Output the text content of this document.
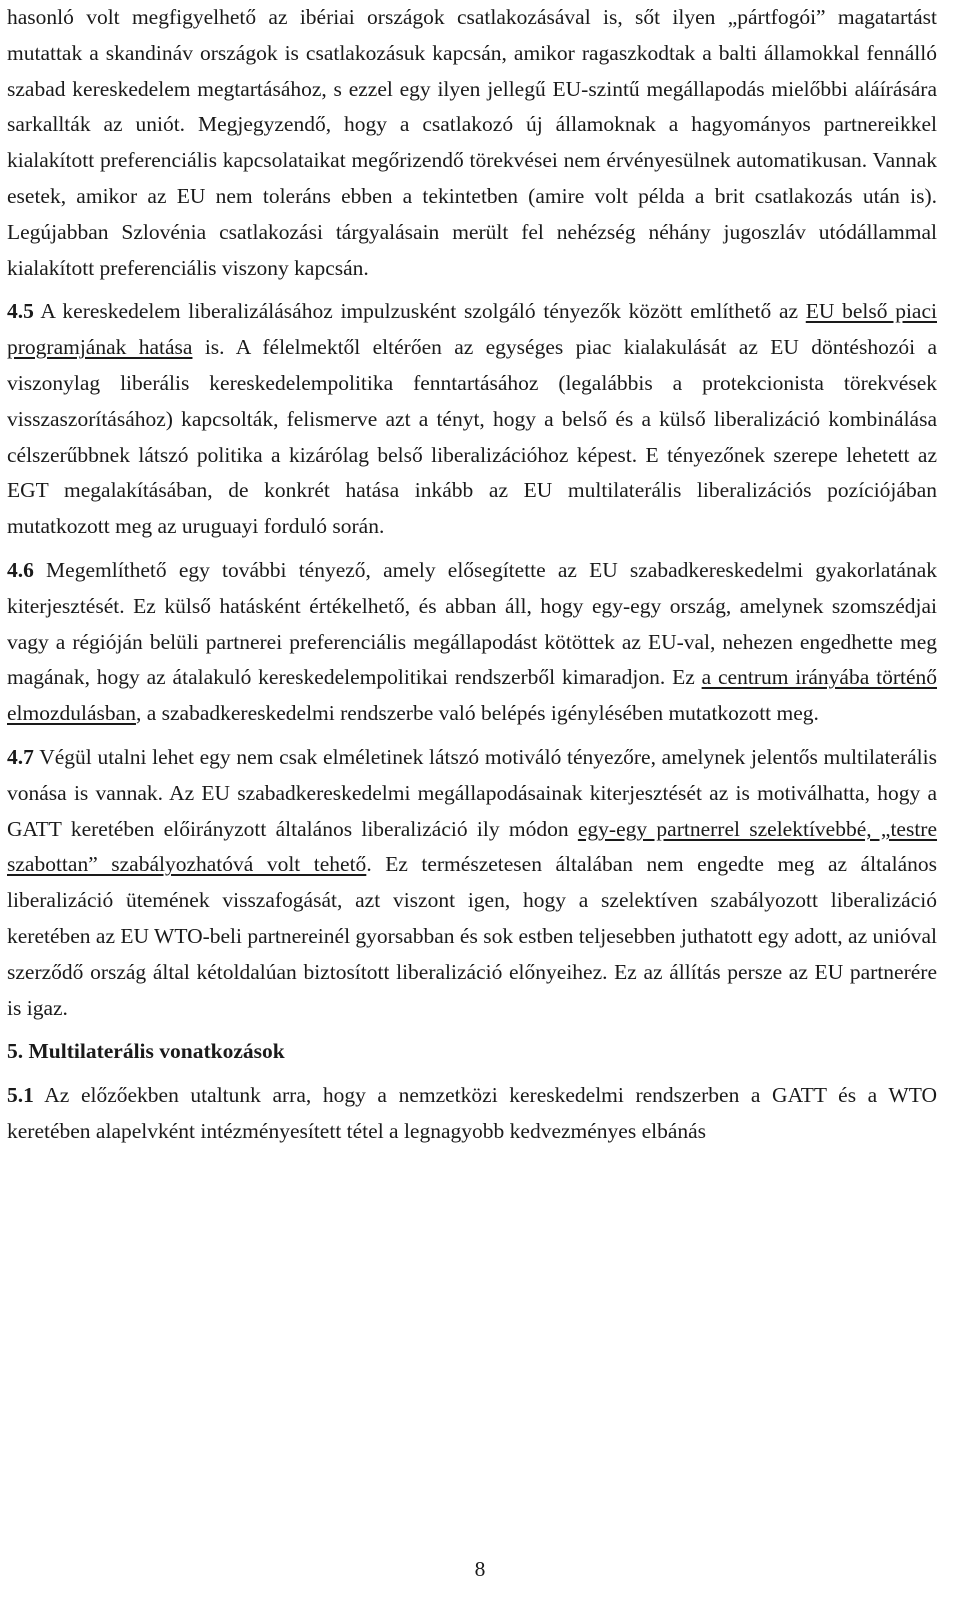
hasonló volt megfigyelhető az ibériai országok csatlakozásával is, sőt ilyen „pártfogói” magatartást mutattak a skandináv országok is csatlakozásuk kapcsán, amikor ragaszkodtak a balti államokkal fennálló szabad kereskedelem megtartásához, s ezzel egy ilyen jellegű EU-szintű megállapodás mielőbbi aláírására sarkallták az uniót. Megjegyzendő, hogy a csatlakozó új államoknak a hagyományos partnereikkel kialakított preferenciális kapcsolataikat megőrizendő törekvései nem érvényesülnek automatikusan. Vannak esetek, amikor az EU nem toleráns ebben a tekintetben (amire volt példa a brit csatlakozás után is). Legújabban Szlovénia csatlakozási tárgyalásain merült fel nehézség néhány jugoszláv utódállammal kialakított preferenciális viszony kapcsán.

4.5 A kereskedelem liberalizálásához impulzusként szolgáló tényezők között említhető az EU belső piaci programjának hatása is. A félelmektől eltérően az egységes piac kialakulását az EU döntéshozói a viszonylag liberális kereskedelempolitika fenntartásához (legalábbis a protekcionista törekvések visszaszorításához) kapcsolták, felismerve azt a tényt, hogy a belső és a külső liberalizáció kombinálása célszerűbbnek látszó politika a kizárólag belső liberalizációhoz képest. E tényezőnek szerepe lehetett az EGT megalakításában, de konkrét hatása inkább az EU multilaterális liberalizációs pozíciójában mutatkozott meg az uruguayi forduló során.

4.6 Megemlíthető egy további tényező, amely elősegítette az EU szabadkereskedelmi gyakorlatának kiterjesztését. Ez külső hatásként értékelhető, és abban áll, hogy egy-egy ország, amelynek szomszédjai vagy a régióján belüli partnerei preferenciális megállapodást kötöttek az EU-val, nehezen engedhette meg magának, hogy az átalakuló kereskedelempolitikai rendszerből kimaradjon. Ez a centrum irányába történő elmozdulásban, a szabadkereskedelmi rendszerbe való belépés igénylésében mutatkozott meg.

4.7 Végül utalni lehet egy nem csak elméletinek látszó motiváló tényezőre, amelynek jelentős multilaterális vonása is vannak. Az EU szabadkereskedelmi megállapodásainak kiterjesztését az is motiválhatta, hogy a GATT keretében előirányzott általános liberalizáció ily módon egy-egy partnerrel szelektívebbé, „testre szabottan” szabályozhatóvá volt tehető. Ez természetesen általában nem engedte meg az általános liberalizáció ütemének visszafogását, azt viszont igen, hogy a szelektíven szabályozott liberalizáció keretében az EU WTO-beli partnereinél gyorsabban és sok estben teljesebben juthatott egy adott, az unióval szerződő ország által kétoldalúan biztosított liberalizáció előnyeihez. Ez az állítás persze az EU partnerére is igaz.

5. Multilaterális vonatkozások

5.1 Az előzőekben utaltunk arra, hogy a nemzetközi kereskedelmi rendszerben a GATT és a WTO keretében alapelvként intézményesített tétel a legnagyobb kedvezményes elbánás

8
